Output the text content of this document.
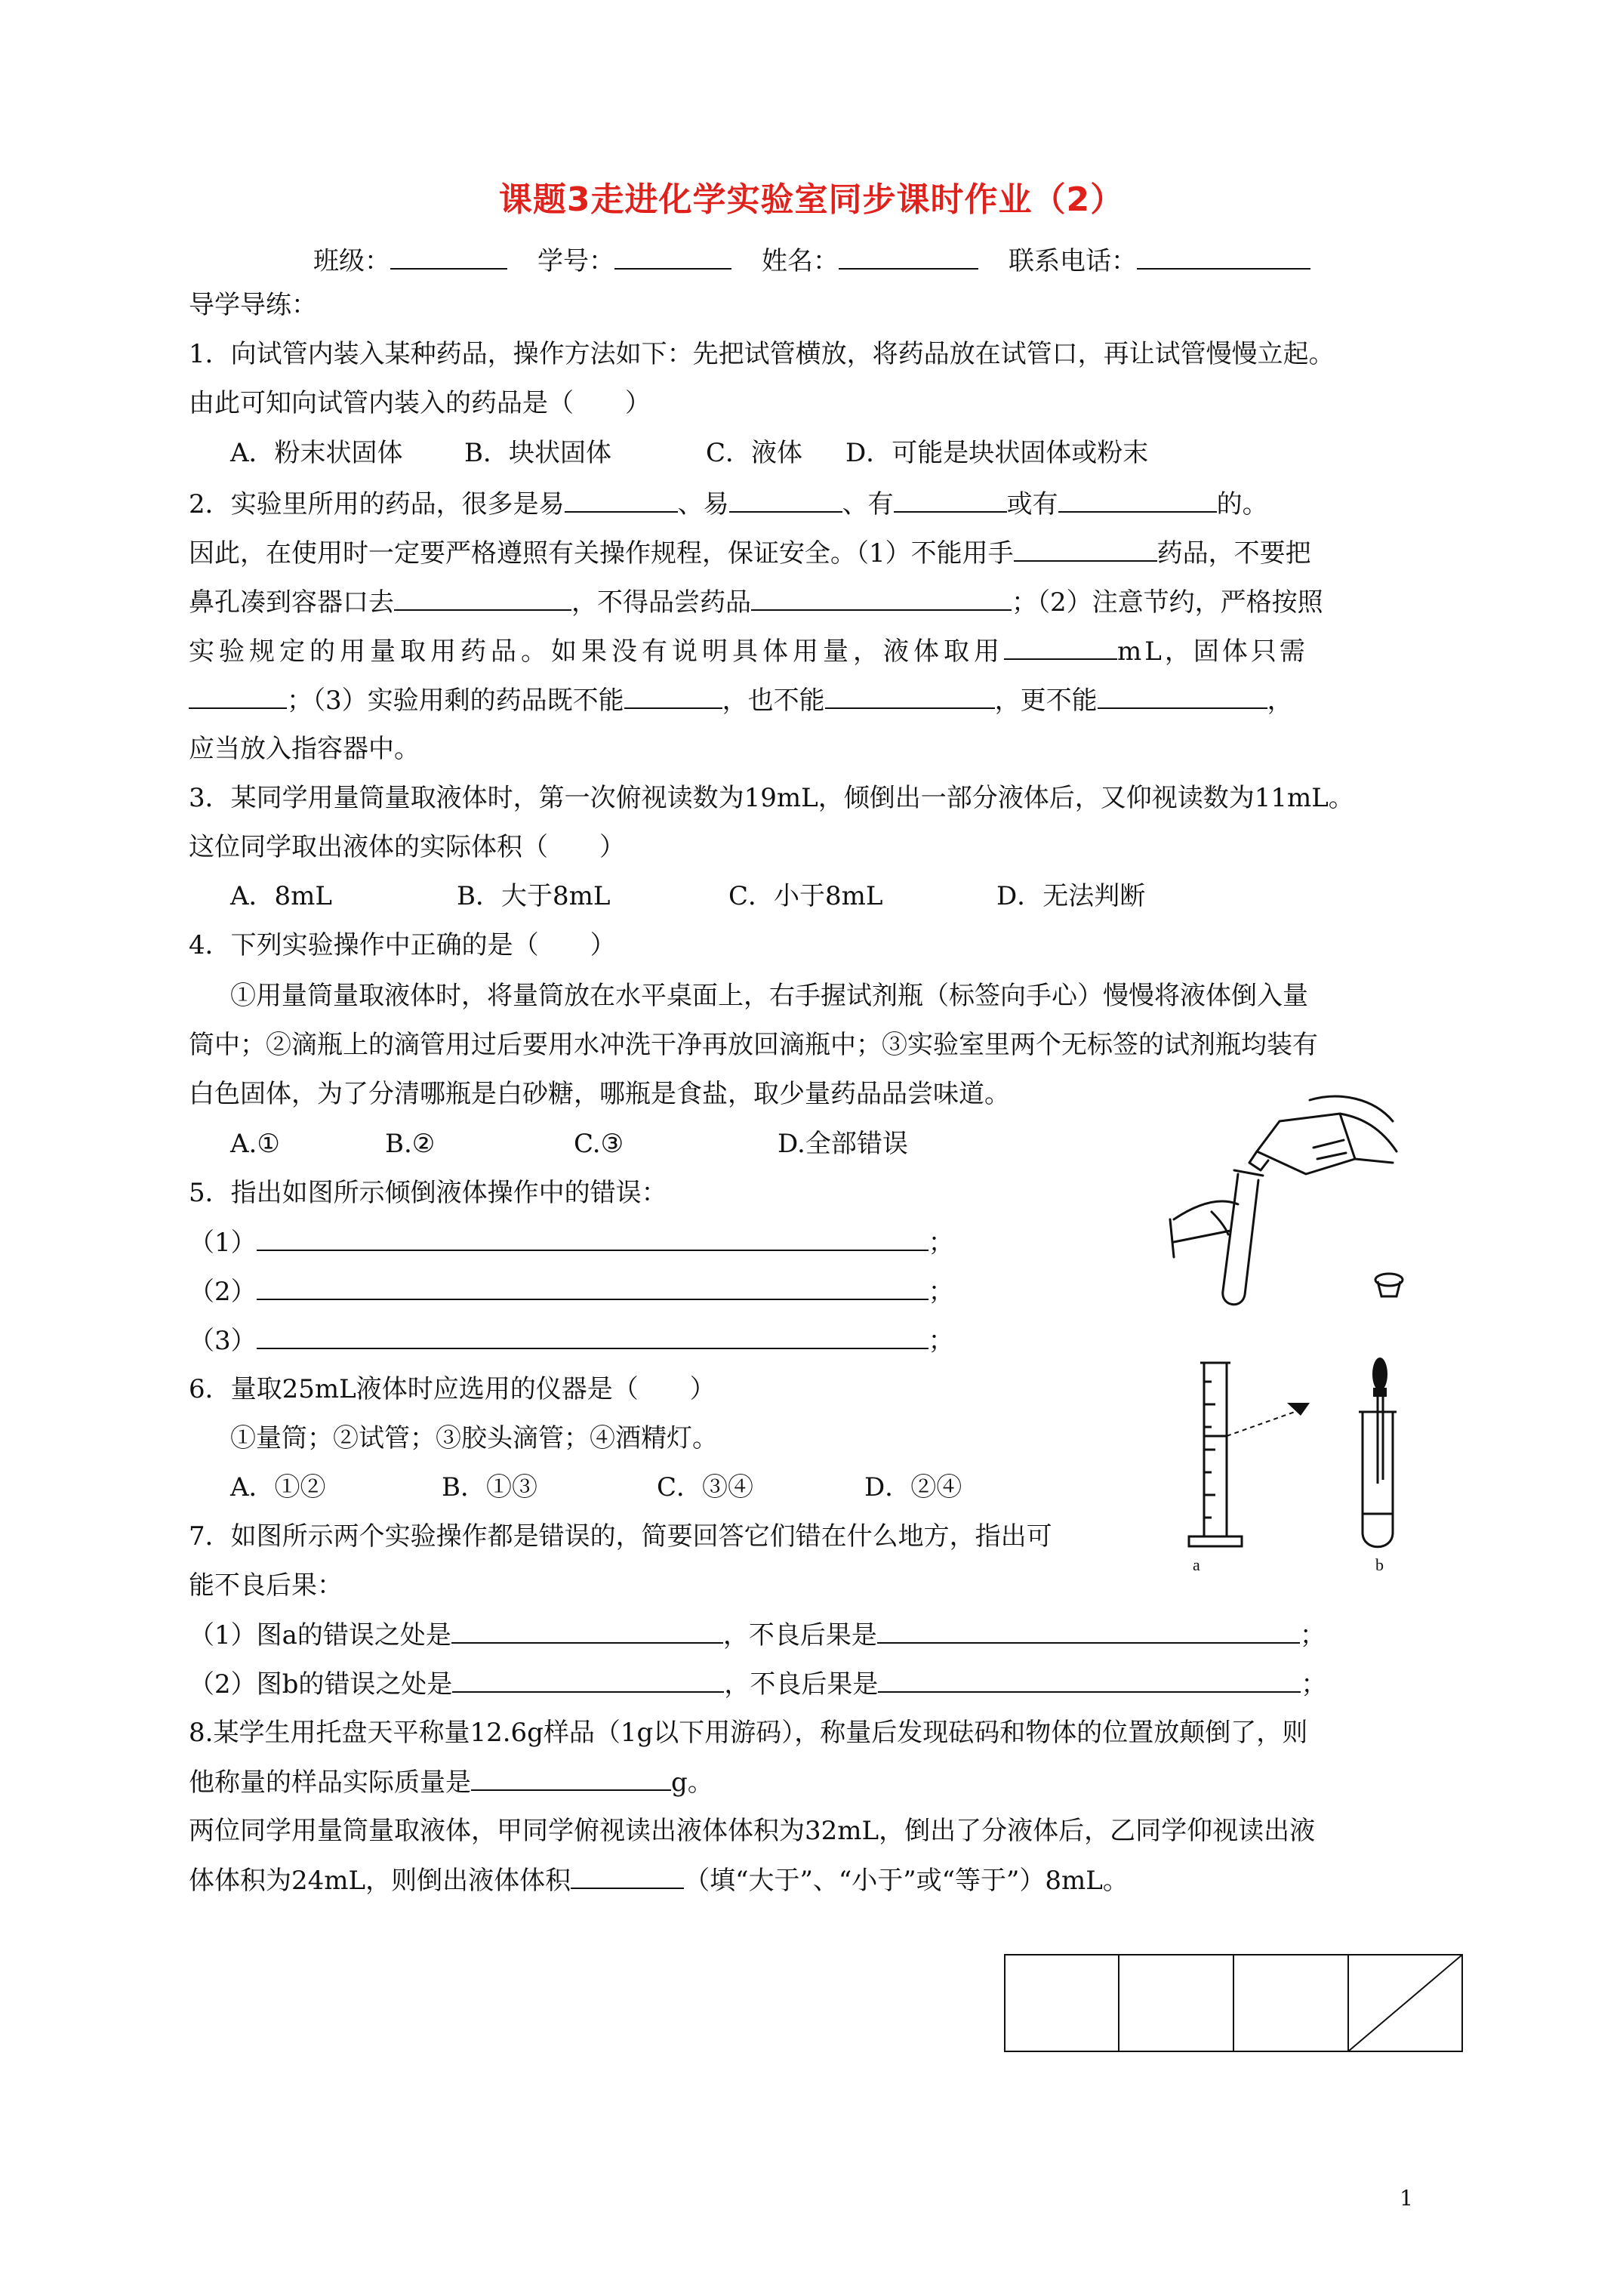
课题3走进化学实验室同步课时作业（2）
班级：	学号：	姓名：	联系电话：
导学导练：
1．向试管内装入某种药品，操作方法如下：先把试管横放，将药品放在试管口，再让试管慢慢立起。
由此可知向试管内装入的药品是（　　）
A．粉末状固体 B．块状固体	C．液体 D．可能是块状固体或粉末
2．实验里所用的药品，很多是易	、易	、有	或有	的。
因此，在使用时一定要严格遵照有关操作规程，保证安全。（1）不能用手	药品，不要把
鼻孔凑到容器口去	，不得品尝药品	；（2）注意节约，严格按照
实验规定的用量取用药品。如果没有说明具体用量，液体取用	mL，固体只需
；（3）实验用剩的药品既不能	，也不能	，更不能	，
应当放入指容器中。
3．某同学用量筒量取液体时，第一次俯视读数为19mL，倾倒出一部分液体后，又仰视读数为11mL。
这位同学取出液体的实际体积（　　）
A．8mL	B．大于8mL	C．小于8mL	D．无法判断
4．下列实验操作中正确的是（　　）
①用量筒量取液体时，将量筒放在水平桌面上，右手握试剂瓶（标签向手心）慢慢将液体倒入量
筒中；②滴瓶上的滴管用过后要用水冲洗干净再放回滴瓶中；③实验室里两个无标签的试剂瓶均装有
白色固体，为了分清哪瓶是白砂糖，哪瓶是食盐，取少量药品品尝味道。
A.①	B.②	C.③	D.全部错误
5．指出如图所示倾倒液体操作中的错误：
（1）	；
（2）	；
（3）	；
6．量取25mL液体时应选用的仪器是（　　）
①量筒；②试管；③胶头滴管；④酒精灯。
A．①②	B．①③	C．③④	D．②④
7．如图所示两个实验操作都是错误的，简要回答它们错在什么地方，指出可
能不良后果：
（1）图a的错误之处是	，不良后果是	；
（2）图b的错误之处是	，不良后果是	；
8.某学生用托盘天平称量12.6g样品（1g以下用游码），称量后发现砝码和物体的位置放颠倒了，则
他称量的样品实际质量是	g。
两位同学用量筒量取液体，甲同学俯视读出液体体积为32mL，倒出了分液体后，乙同学仰视读出液
体体积为24mL，则倒出液体体积	（填“大于”、“小于”或“等于”）8mL。
a	b
1
